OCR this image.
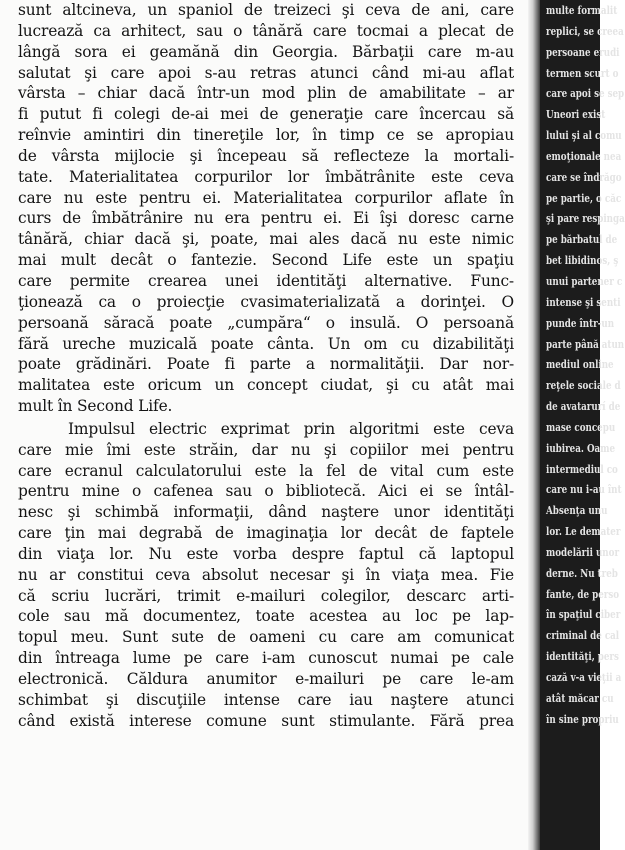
sunt altcineva, un spaniol de treizeci şi ceva de ani, care
lucrează ca arhitect, sau o tânără care tocmai a plecat de
lângă sora ei geamănă din Georgia. Bărbaţii care m-au
salutat şi care apoi s-au retras atunci când mi-au aflat
vârsta – chiar dacă într-un mod plin de amabilitate – ar
fi putut fi colegi de-ai mei de generaţie care încercau să
reînvie amintiri din tinereţile lor, în timp ce se apropiau
de vârsta mijlocie şi începeau să reflecteze la mortali-
tate. Materialitatea corpurilor lor îmbătrânite este ceva
care nu este pentru ei. Materialitatea corpurilor aflate în
curs de îmbătrânire nu era pentru ei. Ei îşi doresc carne
tânără, chiar dacă şi, poate, mai ales dacă nu este nimic
mai mult decât o fantezie. Second Life este un spaţiu
care permite crearea unei identităţi alternative. Func-
ţionează ca o proiecţie cvasimaterializată a dorinţei. O
persoană săracă poate „cumpăra“ o insulă. O persoană
fără ureche muzicală poate cânta. Un om cu dizabilităţi
poate grădinări. Poate fi parte a normalităţii. Dar nor-
malitatea este oricum un concept ciudat, şi cu atât mai
mult în Second Life.
Impulsul electric exprimat prin algoritmi este ceva
care mie îmi este străin, dar nu şi copiilor mei pentru
care ecranul calculatorului este la fel de vital cum este
pentru mine o cafenea sau o bibliotecă. Aici ei se întâl-
nesc şi schimbă informaţii, dând naştere unor identităţi
care ţin mai degrabă de imaginaţia lor decât de faptele
din viaţa lor. Nu este vorba despre faptul că laptopul
nu ar constitui ceva absolut necesar şi în viaţa mea. Fie
că scriu lucrări, trimit e-mailuri colegilor, descarc arti-
cole sau mă documentez, toate acestea au loc pe lap-
topul meu. Sunt sute de oameni cu care am comunicat
din întreaga lume pe care i-am cunoscut numai pe cale
electronică. Căldura anumitor e-mailuri pe care le-am
schimbat şi discuţiile intense care iau naştere atunci
când există interese comune sunt stimulante. Fără prea
multe formalit
replici, se creea
persoane erudi
termen scurt o
care apoi se sep
Uneori exist
lului şi al comu
emoţionale nea
care se îndrăgo
pe partie, o căc
şi pare respinga
pe bărbatul de
bet libidinos, ş
unui partener c
intense şi senti
punde într-un
parte până atun
mediul online
reţele sociale d
de avatarurí de
mase concepu
iubirea. Oame
intermediul co
care nu i-au înt
Absenţa unu
lor. Le demater
modelării unor
derne. Nu treb
fante, de perso
în spaţiul ciber
criminal de cal
identităţi, pers
cază v-a vieţii a
atât măcar cu
în sine propriu
